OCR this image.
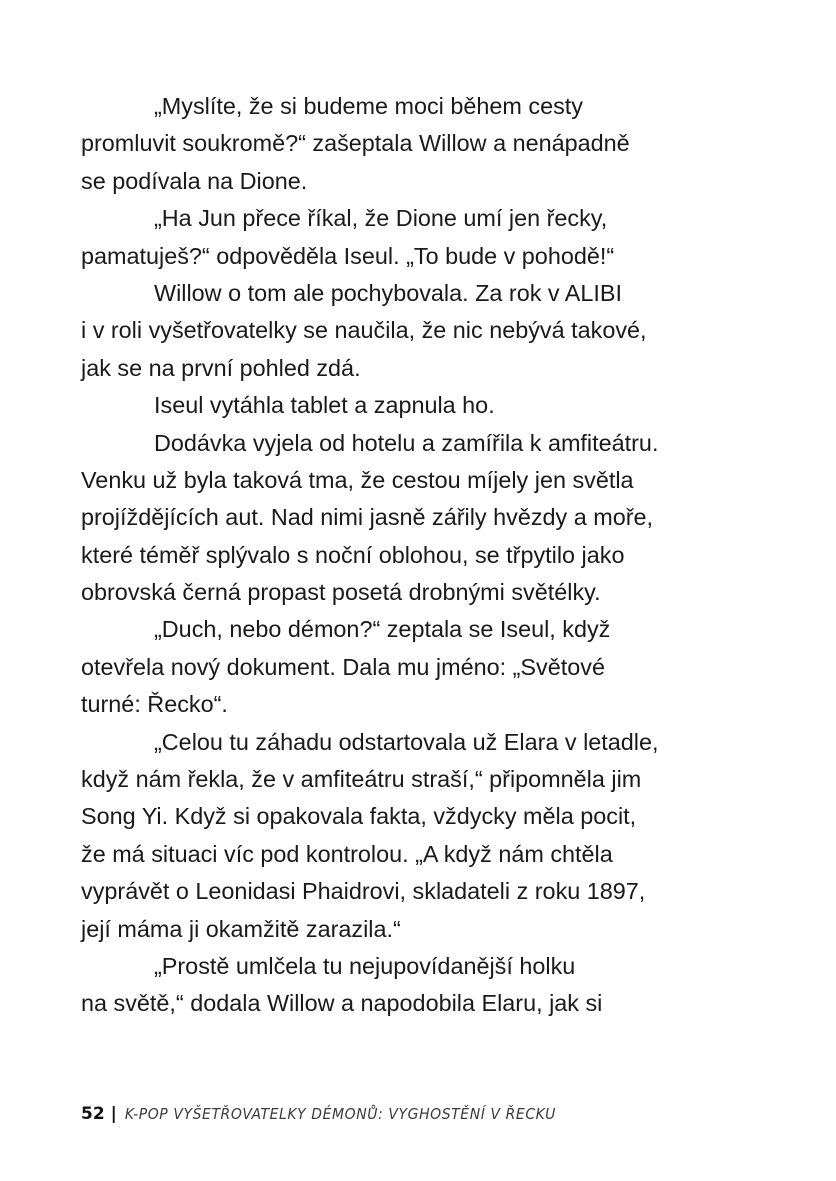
„Myslíte, že si budeme moci během cesty
promluvit soukromě?“ zašeptala Willow a nenápadně
se podívala na Dione.
„Ha Jun přece říkal, že Dione umí jen řecky,
pamatuješ?“ odpověděla Iseul. „To bude v pohodě!“
Willow o tom ale pochybovala. Za rok v ALIBI
i v roli vyšetřovatelky se naučila, že nic nebývá takové,
jak se na první pohled zdá.
Iseul vytáhla tablet a zapnula ho.
Dodávka vyjela od hotelu a zamířila k amfiteátru.
Venku už byla taková tma, že cestou míjely jen světla
projíždějících aut. Nad nimi jasně zářily hvězdy a moře,
které téměř splývalo s noční oblohou, se třpytilo jako
obrovská černá propast posetá drobnými světélky.
„Duch, nebo démon?“ zeptala se Iseul, když
otevřela nový dokument. Dala mu jméno: „Světové
turné: Řecko“.
„Celou tu záhadu odstartovala už Elara v letadle,
když nám řekla, že v amfiteátru straší,“ připomněla jim
Song Yi. Když si opakovala fakta, vždycky měla pocit,
že má situaci víc pod kontrolou. „A když nám chtěla
vyprávět o Leonidasi Phaidrovi, skladateli z roku 1897,
její máma ji okamžitě zarazila.“
„Prostě umlčela tu nejupovídanější holku
na světě,“ dodala Willow a napodobila Elaru, jak si
52 | K-POP VYŠETŘOVATELKY DÉMONŮ: VYGHOSTĚNÍ V ŘECKU
